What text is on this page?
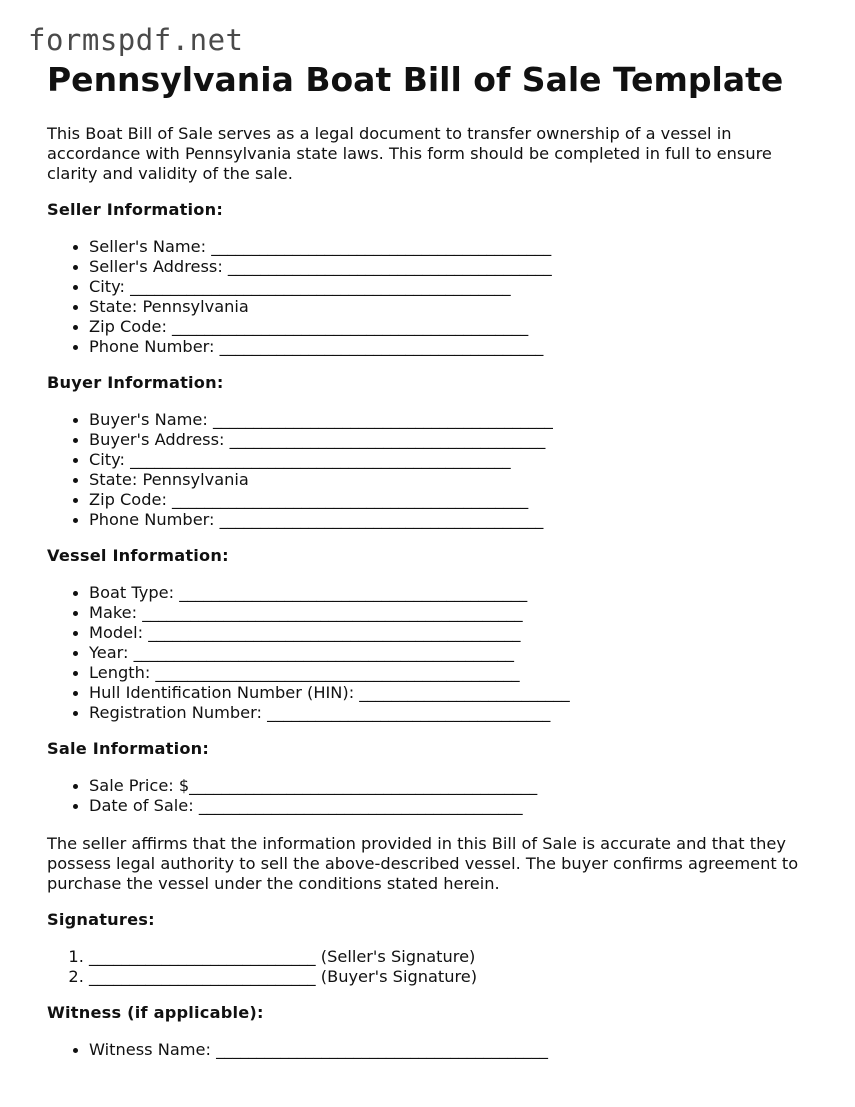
formspdf.net
Pennsylvania Boat Bill of Sale Template

This Boat Bill of Sale serves as a legal document to transfer ownership of a vessel in accordance with Pennsylvania state laws. This form should be completed in full to ensure clarity and validity of the sale.

Seller Information:
• Seller's Name: __________________________________________
• Seller's Address: ________________________________________
• City: _______________________________________________
• State: Pennsylvania
• Zip Code: ____________________________________________
• Phone Number: ________________________________________
Buyer Information:
• Buyer's Name: __________________________________________
• Buyer's Address: _______________________________________
• City: _______________________________________________
• State: Pennsylvania
• Zip Code: ____________________________________________
• Phone Number: ________________________________________
Vessel Information:
• Boat Type: ___________________________________________
• Make: _______________________________________________
• Model: ______________________________________________
• Year: _______________________________________________
• Length: _____________________________________________
• Hull Identification Number (HIN): __________________________
• Registration Number: ___________________________________
Sale Information:
• Sale Price: $___________________________________________
• Date of Sale: ________________________________________

The seller affirms that the information provided in this Bill of Sale is accurate and that they possess legal authority to sell the above-described vessel. The buyer confirms agreement to purchase the vessel under the conditions stated herein.

Signatures:
1. ____________________________ (Seller's Signature)
2. ____________________________ (Buyer's Signature)
Witness (if applicable):
• Witness Name: _________________________________________
